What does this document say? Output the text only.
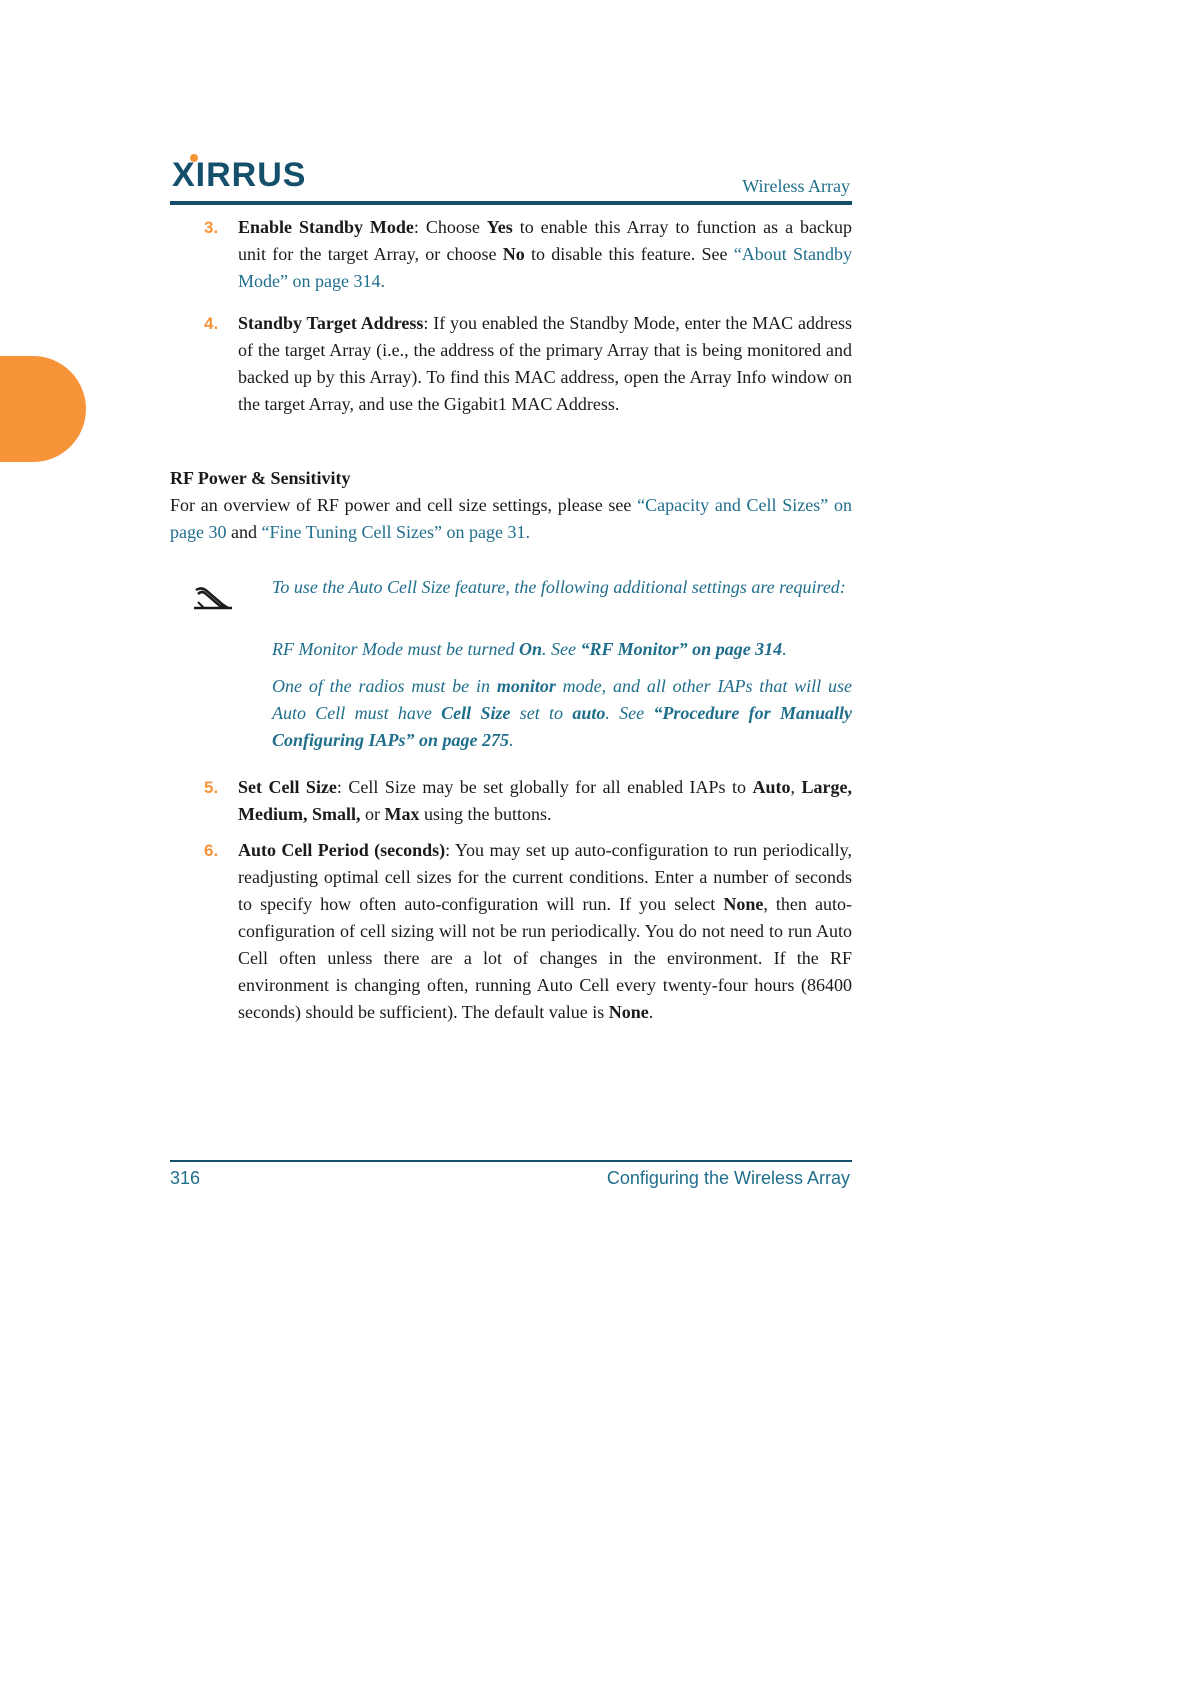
XIRRUS	Wireless Array
3. Enable Standby Mode: Choose Yes to enable this Array to function as a backup unit for the target Array, or choose No to disable this feature. See “About Standby Mode” on page 314.
4. Standby Target Address: If you enabled the Standby Mode, enter the MAC address of the target Array (i.e., the address of the primary Array that is being monitored and backed up by this Array). To find this MAC address, open the Array Info window on the target Array, and use the Gigabit1 MAC Address.
RF Power & Sensitivity
For an overview of RF power and cell size settings, please see “Capacity and Cell Sizes” on page 30 and “Fine Tuning Cell Sizes” on page 31.
To use the Auto Cell Size feature, the following additional settings are required:
RF Monitor Mode must be turned On. See “RF Monitor” on page 314.
One of the radios must be in monitor mode, and all other IAPs that will use Auto Cell must have Cell Size set to auto. See “Procedure for Manually Configuring IAPs” on page 275.
5. Set Cell Size: Cell Size may be set globally for all enabled IAPs to Auto, Large, Medium, Small, or Max using the buttons.
6. Auto Cell Period (seconds): You may set up auto-configuration to run periodically, readjusting optimal cell sizes for the current conditions. Enter a number of seconds to specify how often auto-configuration will run. If you select None, then auto-configuration of cell sizing will not be run periodically. You do not need to run Auto Cell often unless there are a lot of changes in the environment. If the RF environment is changing often, running Auto Cell every twenty-four hours (86400 seconds) should be sufficient). The default value is None.
316	Configuring the Wireless Array
